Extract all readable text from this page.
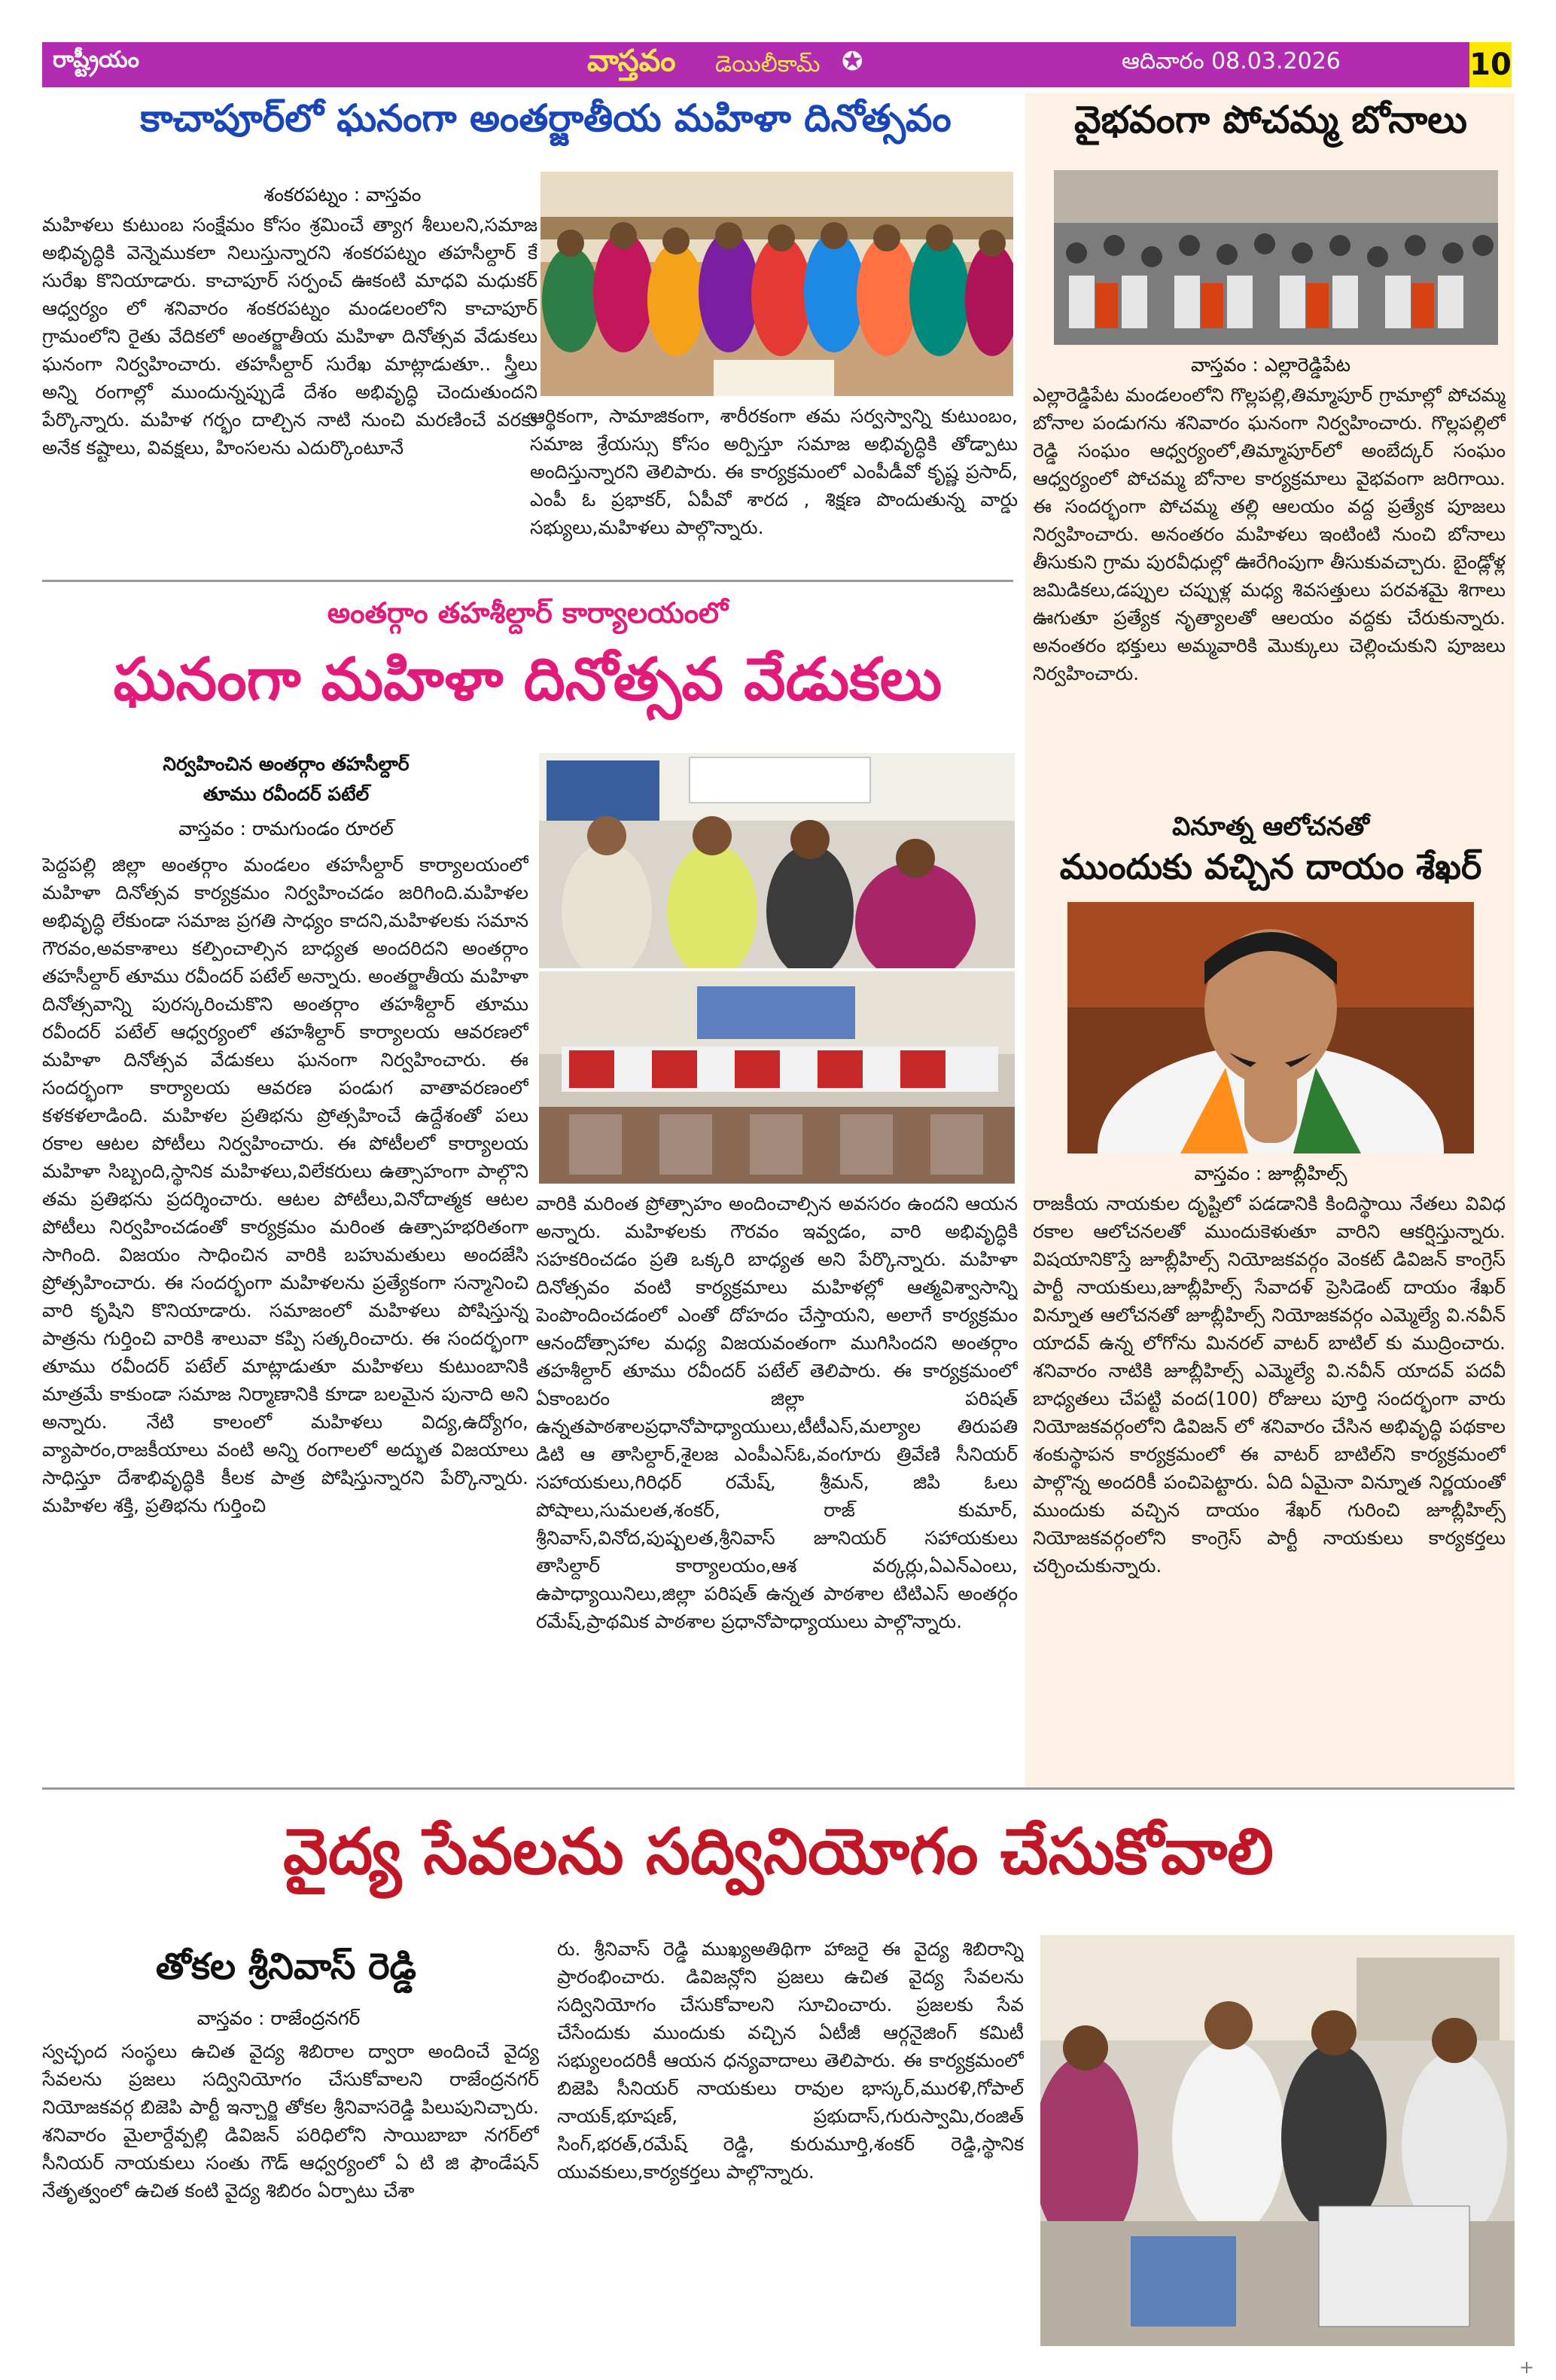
రాష్ట్రీయం	వాస్తవం డెయిలీకామ్ ✪	ఆదివారం 08.03.2026	10
కాచాపూర్‌లో ఘనంగా అంతర్జాతీయ మహిళా దినోత్సవం
శంకరపట్నం : వాస్తవం
మహిళలు కుటుంబ సంక్షేమం కోసం శ్రమించే త్యాగ శీలులని,సమాజ అభివృద్ధికి వెన్నెముకలా నిలుస్తున్నారని శంకరపట్నం తహసీల్దార్ కే సురేఖ కొనియాడారు. కాచాపూర్ సర్పంచ్ ఊకంటి మాధవి మధుకర్ ఆధ్వర్యం లో శనివారం శంకరపట్నం మండలంలోని కాచాపూర్ గ్రామంలోని రైతు వేదికలో అంతర్జాతీయ మహిళా దినోత్సవ వేడుకలు ఘనంగా నిర్వహించారు. తహసీల్దార్ సురేఖ మాట్లాడుతూ.. స్త్రీలు అన్ని రంగాల్లో ముందున్నప్పుడే దేశం అభివృద్ధి చెందుతుందని పేర్కొన్నారు. మహిళ గర్భం దాల్చిన నాటి నుంచి మరణించే వరకు అనేక కష్టాలు, వివక్షలు, హింసలను ఎదుర్కొంటూనే
ఆర్థికంగా, సామాజికంగా, శారీరకంగా తమ సర్వస్వాన్ని కుటుంబం, సమాజ శ్రేయస్సు కోసం అర్పిస్తూ సమాజ అభివృద్ధికి తోడ్పాటు అందిస్తున్నారని తెలిపారు. ఈ కార్యక్రమంలో ఎంపీడీవో కృష్ణ ప్రసాద్, ఎంపీ ఓ ప్రభాకర్, ఏపీవో శారద , శిక్షణ పొందుతున్న వార్డు సభ్యులు,మహిళలు పాల్గొన్నారు.
అంతర్గాం తహశీల్దార్ కార్యాలయంలో
ఘనంగా మహిళా దినోత్సవ వేడుకలు
నిర్వహించిన అంతర్గాం తహసీల్దార్
తూము రవీందర్ పటేల్
వాస్తవం : రామగుండం రూరల్
పెద్దపల్లి జిల్లా అంతర్గాం మండలం తహసీల్దార్ కార్యాలయంలో మహిళా దినోత్సవ కార్యక్రమం నిర్వహించడం జరిగింది.మహిళల అభివృద్ధి లేకుండా సమాజ ప్రగతి సాధ్యం కాదని,మహిళలకు సమాన గౌరవం,అవకాశాలు కల్పించాల్సిన బాధ్యత అందరిదని అంతర్గాం తహసీల్దార్ తూము రవీందర్ పటేల్ అన్నారు. అంతర్జాతీయ మహిళా దినోత్సవాన్ని పురస్కరించుకొని అంతర్గాం తహశీల్దార్ తూము రవీందర్ పటేల్ ఆధ్వర్యంలో తహశీల్దార్ కార్యాలయ ఆవరణలో మహిళా దినోత్సవ వేడుకలు ఘనంగా నిర్వహించారు. ఈ సందర్భంగా కార్యాలయ ఆవరణ పండుగ వాతావరణంలో కళకళలాడింది. మహిళల ప్రతిభను ప్రోత్సహించే ఉద్దేశంతో పలు రకాల ఆటల పోటీలు నిర్వహించారు. ఈ పోటీలలో కార్యాలయ మహిళా సిబ్బంది,స్థానిక మహిళలు,విలేకరులు ఉత్సాహంగా పాల్గొని తమ ప్రతిభను ప్రదర్శించారు. ఆటల పోటీలు,వినోదాత్మక ఆటల పోటీలు నిర్వహించడంతో కార్యక్రమం మరింత ఉత్సాహభరితంగా సాగింది. విజయం సాధించిన వారికి బహుమతులు అందజేసి ప్రోత్సహించారు. ఈ సందర్భంగా మహిళలను ప్రత్యేకంగా సన్మానించి వారి కృషిని కొనియాడారు. సమాజంలో మహిళలు పోషిస్తున్న పాత్రను గుర్తించి వారికి శాలువా కప్పి సత్కరించారు. ఈ సందర్భంగా తూము రవీందర్ పటేల్ మాట్లాడుతూ మహిళలు కుటుంబానికి మాత్రమే కాకుండా సమాజ నిర్మాణానికి కూడా బలమైన పునాది అని అన్నారు. నేటి కాలంలో మహిళలు విద్య,ఉద్యోగం, వ్యాపారం,రాజకీయాలు వంటి అన్ని రంగాలలో అద్భుత విజయాలు సాధిస్తూ దేశాభివృద్ధికి కీలక పాత్ర పోషిస్తున్నారని పేర్కొన్నారు. మహిళల శక్తి, ప్రతిభను గుర్తించి
వారికి మరింత ప్రోత్సాహం అందించాల్సిన అవసరం ఉందని ఆయన అన్నారు. మహిళలకు గౌరవం ఇవ్వడం, వారి అభివృద్ధికి సహకరించడం ప్రతి ఒక్కరి బాధ్యత అని పేర్కొన్నారు. మహిళా దినోత్సవం వంటి కార్యక్రమాలు మహిళల్లో ఆత్మవిశ్వాసాన్ని పెంపొందించడంలో ఎంతో దోహదం చేస్తాయని, అలాగే కార్యక్రమం ఆనందోత్సాహాల మధ్య విజయవంతంగా ముగిసిందని అంతర్గాం తహశీల్దార్ తూము రవీందర్ పటేల్ తెలిపారు. ఈ కార్యక్రమంలో ఏకాంబరం జిల్లా పరిషత్ ఉన్నతపాఠశాలప్రధానోపాధ్యాయులు,టీటీఎస్,మల్యాల తిరుపతి డిటి ఆ తాసిల్దార్,శైలజ ఎంపీఎస్ఓ,వంగూరు త్రివేణి సీనియర్ సహాయకులు,గిరిధర్ రమేష్, శ్రీమన్, జిపి ఓలు పోషాలు,సుమలత,శంకర్, రాజ్ కుమార్, శ్రీనివాస్,వినోద,పుష్పలత,శ్రీనివాస్ జూనియర్ సహాయకులు తాసిల్దార్ కార్యాలయం,ఆశ వర్కర్లు,ఏఎన్ఎంలు, ఉపాధ్యాయినిలు,జిల్లా పరిషత్ ఉన్నత పాఠశాల టిటిఎస్ అంతర్గం రమేష్,ప్రాథమిక పాఠశాల ప్రధానోపాధ్యాయులు పాల్గొన్నారు.
వైభవంగా పోచమ్మ బోనాలు
వాస్తవం : ఎల్లారెడ్డిపేట
ఎల్లారెడ్డిపేట మండలంలోని గొల్లపల్లి,తిమ్మాపూర్ గ్రామాల్లో పోచమ్మ బోనాల పండుగను శనివారం ఘనంగా నిర్వహించారు. గొల్లపల్లిలో రెడ్డి సంఘం ఆధ్వర్యంలో,తిమ్మాపూర్‌లో అంబేద్కర్ సంఘం ఆధ్వర్యంలో పోచమ్మ బోనాల కార్యక్రమాలు వైభవంగా జరిగాయి. ఈ సందర్భంగా పోచమ్మ తల్లి ఆలయం వద్ద ప్రత్యేక పూజలు నిర్వహించారు. అనంతరం మహిళలు ఇంటింటి నుంచి బోనాలు తీసుకుని గ్రామ పురవీధుల్లో ఊరేగింపుగా తీసుకువచ్చారు. బైండ్లోళ్ల జమిడికలు,డప్పుల చప్పుళ్ల మధ్య శివసత్తులు పరవశమై శిగాలు ఊగుతూ ప్రత్యేక నృత్యాలతో ఆలయం వద్దకు చేరుకున్నారు. అనంతరం భక్తులు అమ్మవారికి మొక్కులు చెల్లించుకుని పూజలు నిర్వహించారు.
వినూత్న ఆలోచనతో
ముందుకు వచ్చిన దాయం శేఖర్
వాస్తవం : జూబ్లీహిల్స్
రాజకీయ నాయకుల దృష్టిలో పడడానికి కిందిస్థాయి నేతలు వివిధ రకాల ఆలోచనలతో ముందుకెళుతూ వారిని ఆకర్షిస్తున్నారు. విషయానికొస్తే జూబ్లీహిల్స్ నియోజకవర్గం వెంకట్ డివిజన్ కాంగ్రెస్ పార్టీ నాయకులు,జూబ్లీహిల్స్ సేవాదళ్ ప్రెసిడెంట్ దాయం శేఖర్ విన్నూత ఆలోచనతో జూబ్లీహిల్స్ నియోజకవర్గం ఎమ్మెల్యే వి.నవీన్ యాదవ్ ఉన్న లోగోను మినరల్ వాటర్ బాటిల్ కు ముద్రించారు. శనివారం నాటికి జూబ్లీహిల్స్ ఎమ్మెల్యే వి.నవీన్ యాదవ్ పదవీ బాధ్యతలు చేపట్టి వంద(100) రోజులు పూర్తి సందర్భంగా వారు నియోజకవర్గంలోని డివిజన్ లో శనివారం చేసిన అభివృద్ధి పథకాల శంకుస్థాపన కార్యక్రమంలో ఈ వాటర్ బాటిల్‌ని కార్యక్రమంలో పాల్గొన్న అందరికీ పంచిపెట్టారు. ఏది ఏమైనా విన్నూత నిర్ణయంతో ముందుకు వచ్చిన దాయం శేఖర్ గురించి జూబ్లీహిల్స్ నియోజకవర్గంలోని కాంగ్రెస్ పార్టీ నాయకులు కార్యకర్తలు చర్చించుకున్నారు.
వైద్య సేవలను సద్వినియోగం చేసుకోవాలి
తోకల శ్రీనివాస్ రెడ్డి
వాస్తవం : రాజేంద్రనగర్
స్వచ్ఛంద సంస్థలు ఉచిత వైద్య శిబిరాల ద్వారా అందించే వైద్య సేవలను ప్రజలు సద్వినియోగం చేసుకోవాలని రాజేంద్రనగర్ నియోజకవర్గ బిజెపి పార్టీ ఇన్చార్జి తోకల శ్రీనివాసరెడ్డి పిలుపునిచ్చారు. శనివారం మైలార్దేవ్పల్లి డివిజన్ పరిధిలోని సాయిబాబా నగర్‌లో సీనియర్ నాయకులు సంతు గౌడ్ ఆధ్వర్యంలో ఏ టి జి ఫౌండేషన్ నేతృత్వంలో ఉచిత కంటి వైద్య శిబిరం ఏర్పాటు చేశా
రు. శ్రీనివాస్ రెడ్డి ముఖ్యఅతిథిగా హాజరై ఈ వైద్య శిబిరాన్ని ప్రారంభించారు. డివిజన్లోని ప్రజలు ఉచిత వైద్య సేవలను సద్వినియోగం చేసుకోవాలని సూచించారు. ప్రజలకు సేవ చేసేందుకు ముందుకు వచ్చిన ఏటీజీ ఆర్గనైజింగ్ కమిటీ సభ్యులందరికీ ఆయన ధన్యవాదాలు తెలిపారు. ఈ కార్యక్రమంలో బిజెపి సీనియర్ నాయకులు రావుల భాస్కర్,మురళి,గోపాల్ నాయక్,భూషణ్, ప్రభుదాస్,గురుస్వామి,రంజిత్ సింగ్,భరత్,రమేష్ రెడ్డి, కురుమూర్తి,శంకర్ రెడ్డి,స్థానిక యువకులు,కార్యకర్తలు పాల్గొన్నారు.
+
